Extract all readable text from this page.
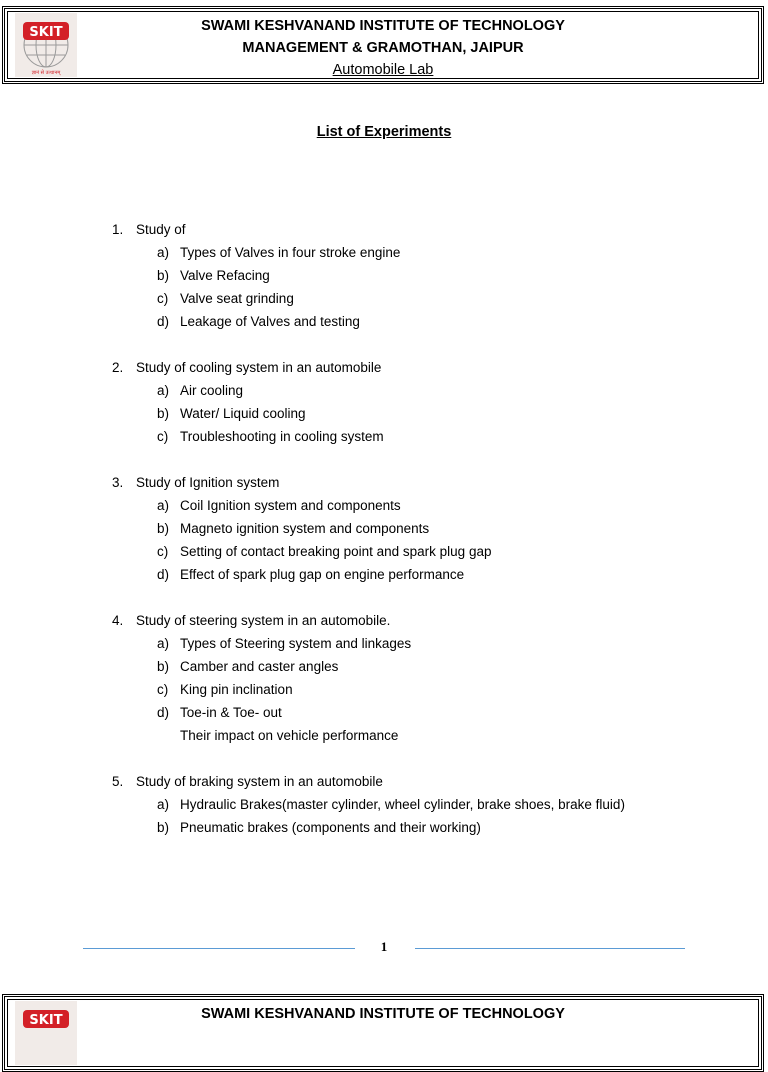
SKIT
ज्ञानं से उत्थानम्
SWAMI KESHVANAND INSTITUTE OF TECHNOLOGY
MANAGEMENT & GRAMOTHAN, JAIPUR
Automobile Lab
List of Experiments
1. Study of
a) Types of Valves in four stroke engine
b) Valve Refacing
c) Valve seat grinding
d) Leakage of Valves and testing
2. Study of cooling system in an automobile
a) Air cooling
b) Water/ Liquid cooling
c) Troubleshooting in cooling system
3. Study of Ignition system
a) Coil Ignition system and components
b) Magneto ignition system and components
c) Setting of contact breaking point and spark plug gap
d) Effect of spark plug gap on engine performance
4. Study of steering system in an automobile.
a) Types of Steering system and linkages
b) Camber and caster angles
c) King pin inclination
d) Toe-in & Toe- out
Their impact on vehicle performance
5. Study of braking system in an automobile
a) Hydraulic Brakes(master cylinder, wheel cylinder, brake shoes, brake fluid)
b) Pneumatic brakes (components and their working)
1
SKIT	SWAMI KESHVANAND INSTITUTE OF TECHNOLOGY
